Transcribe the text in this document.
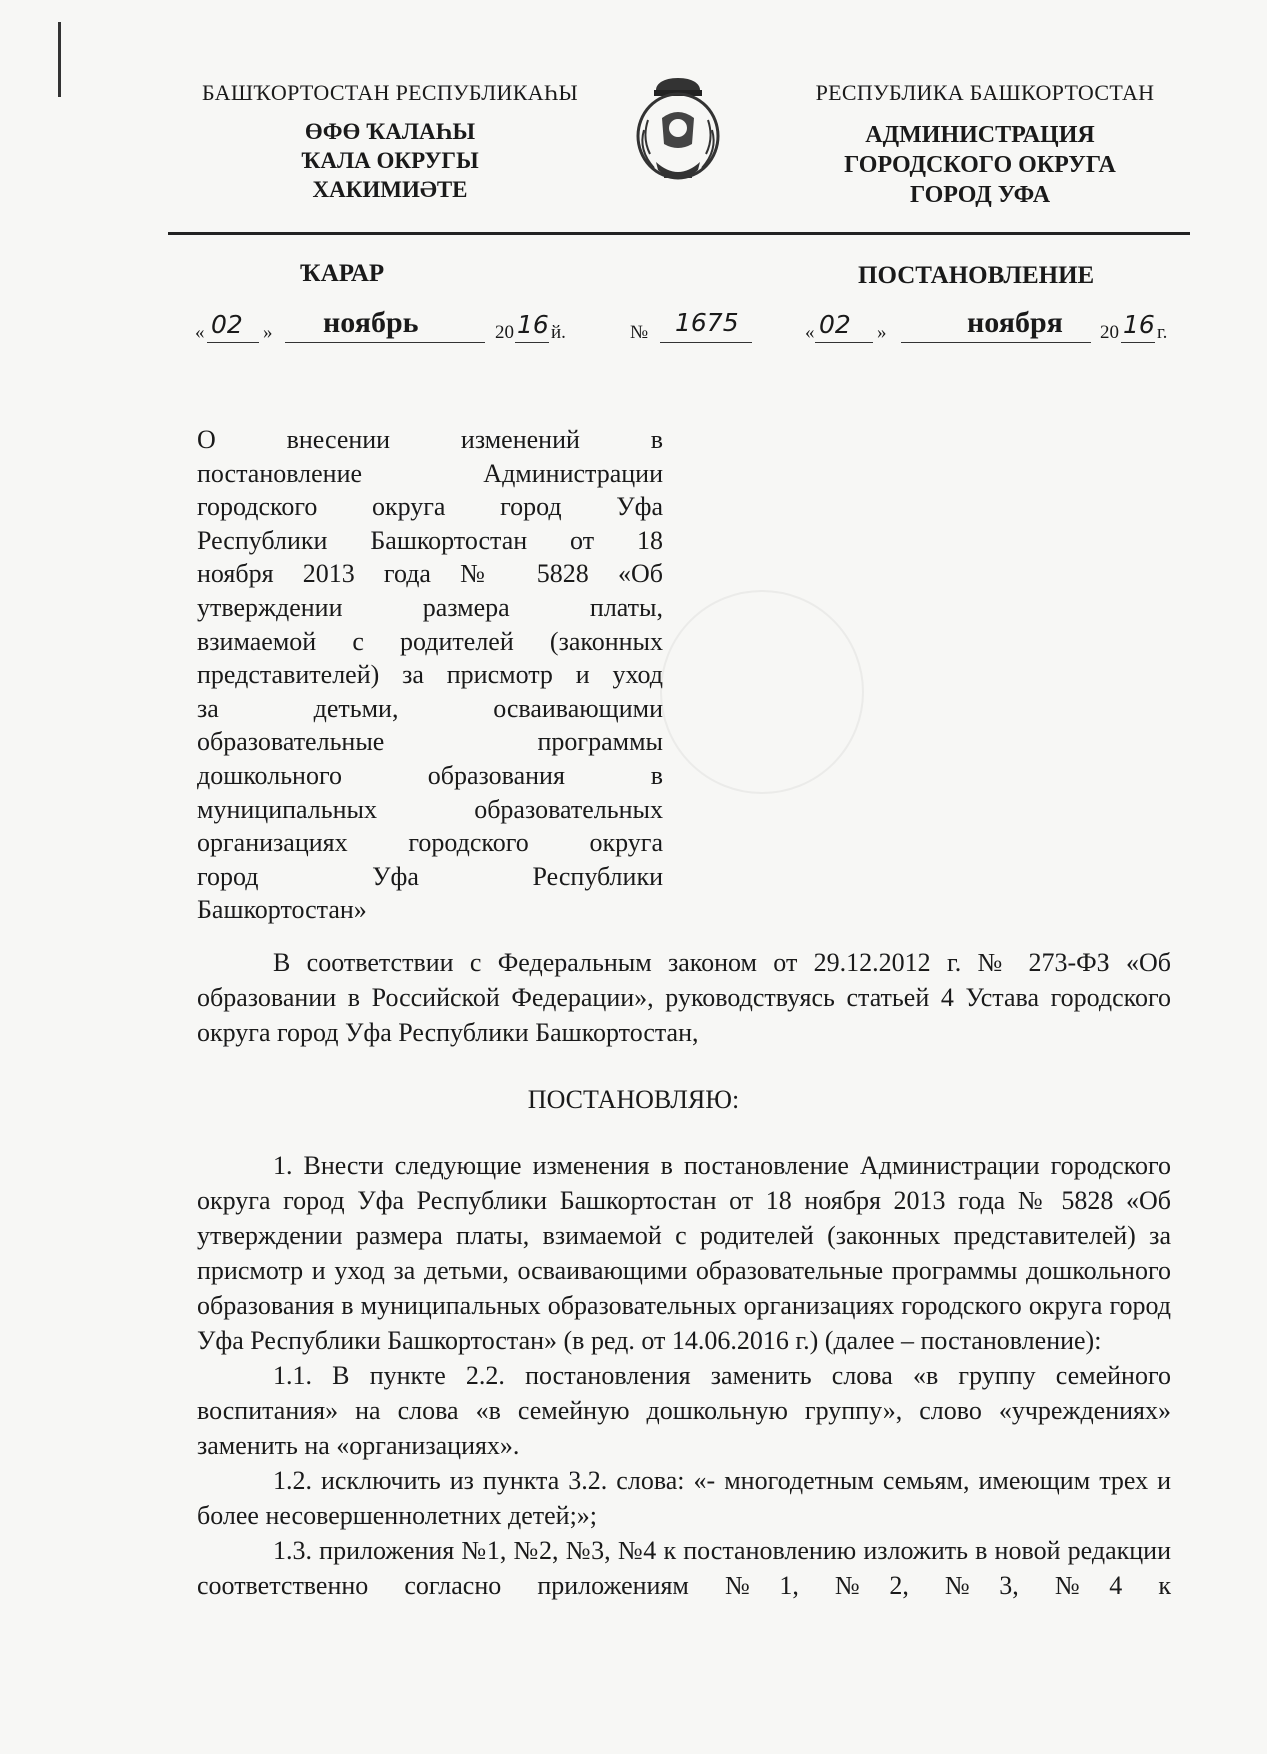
БАШҠОРТОСТАН РЕСПУБЛИКАҺЫ
ӨФӨ ҠАЛАҺЫ
ҠАЛА ОКРУГЫ
ХАКИМИӘТЕ
РЕСПУБЛИКА БАШКОРТОСТАН
АДМИНИСТРАЦИЯ
ГОРОДСКОГО ОКРУГА
ГОРОД УФА
ҠАРАР	ПОСТАНОВЛЕНИЕ
« 02 » ноябрь	20 16 й.	№ 1675	« 02 »	ноября 20 16 г.
О внесении изменений в
постановление Администрации
городского округа город Уфа
Республики Башкортостан от 18
ноября 2013 года № 5828 «Об
утверждении размера платы,
взимаемой с родителей (законных
представителей) за присмотр и уход
за детьми, осваивающими
образовательные программы
дошкольного образования в
муниципальных образовательных
организациях городского округа
город Уфа Республики
Башкортостан»
В соответствии с Федеральным законом от 29.12.2012 г. № 273-ФЗ «Об образовании в Российской Федерации», руководствуясь статьей 4 Устава городского округа город Уфа Республики Башкортостан,
ПОСТАНОВЛЯЮ:

1. Внести следующие изменения в постановление Администрации городского округа город Уфа Республики Башкортостан от 18 ноября 2013 года № 5828 «Об утверждении размера платы, взимаемой с родителей (законных представителей) за присмотр и уход за детьми, осваивающими образовательные программы дошкольного образования в муниципальных образовательных организациях городского округа город Уфа Республики Башкортостан» (в ред. от 14.06.2016 г.) (далее – постановление):

1.1. В пункте 2.2. постановления заменить слова «в группу семейного воспитания» на слова «в семейную дошкольную группу», слово «учреждениях» заменить на «организациях».

1.2. исключить из пункта 3.2. слова: «- многодетным семьям, имеющим трех и более несовершеннолетних детей;»;

1.3. приложения №1, №2, №3, №4 к постановлению изложить в новой редакции соответственно согласно приложениям №1, №2, №3, №4 к
